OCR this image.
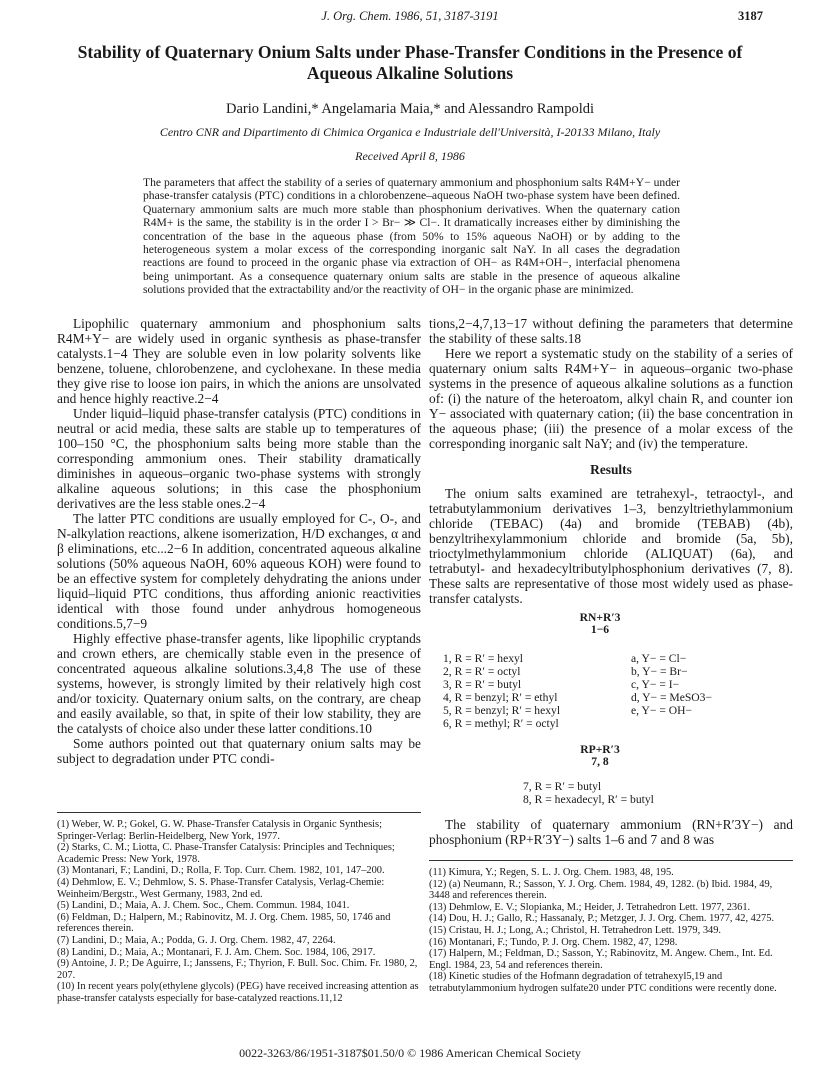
J. Org. Chem. 1986, 51, 3187-3191	3187
Stability of Quaternary Onium Salts under Phase-Transfer Conditions in the Presence of Aqueous Alkaline Solutions
Dario Landini,* Angelamaria Maia,* and Alessandro Rampoldi
Centro CNR and Dipartimento di Chimica Organica e Industriale dell'Università, I-20133 Milano, Italy
Received April 8, 1986

The parameters that affect the stability of a series of quaternary ammonium and phosphonium salts R4M+Y− under phase-transfer catalysis (PTC) conditions in a chlorobenzene–aqueous NaOH two-phase system have been defined. Quaternary ammonium salts are much more stable than phosphonium derivatives. When the quaternary cation R4M+ is the same, the stability is in the order I > Br− ≫ Cl−. It dramatically increases either by diminishing the concentration of the base in the aqueous phase (from 50% to 15% aqueous NaOH) or by adding to the heterogeneous system a molar excess of the corresponding inorganic salt NaY. In all cases the degradation reactions are found to proceed in the organic phase via extraction of OH− as R4M+OH−, interfacial phenomena being unimportant. As a consequence quaternary onium salts are stable in the presence of aqueous alkaline solutions provided that the extractability and/or the reactivity of OH− in the organic phase are minimized.

Lipophilic quaternary ammonium and phosphonium salts R4M+Y− are widely used in organic synthesis as phase-transfer catalysts.1−4 They are soluble even in low polarity solvents like benzene, toluene, chlorobenzene, and cyclohexane. In these media they give rise to loose ion pairs, in which the anions are unsolvated and hence highly reactive.2−4

Under liquid–liquid phase-transfer catalysis (PTC) conditions in neutral or acid media, these salts are stable up to temperatures of 100–150 °C, the phosphonium salts being more stable than the corresponding ammonium ones. Their stability dramatically diminishes in aqueous–organic two-phase systems with strongly alkaline aqueous solutions; in this case the phosphonium derivatives are the less stable ones.2−4

The latter PTC conditions are usually employed for C-, O-, and N-alkylation reactions, alkene isomerization, H/D exchanges, α and β eliminations, etc...2−6 In addition, concentrated aqueous alkaline solutions (50% aqueous NaOH, 60% aqueous KOH) were found to be an effective system for completely dehydrating the anions under liquid–liquid PTC conditions, thus affording anionic reactivities identical with those found under anhydrous homogeneous conditions.5,7−9

Highly effective phase-transfer agents, like lipophilic cryptands and crown ethers, are chemically stable even in the presence of concentrated aqueous alkaline solutions.3,4,8 The use of these systems, however, is strongly limited by their relatively high cost and/or toxicity. Quaternary onium salts, on the contrary, are cheap and easily available, so that, in spite of their low stability, they are the catalysts of choice also under these latter conditions.10

Some authors pointed out that quaternary onium salts may be subject to degradation under PTC condi-

tions,2−4,7,13−17 without defining the parameters that determine the stability of these salts.18

Here we report a systematic study on the stability of a series of quaternary onium salts R4M+Y− in aqueous–organic two-phase systems in the presence of aqueous alkaline solutions as a function of: (i) the nature of the heteroatom, alkyl chain R, and counter ion Y− associated with quaternary cation; (ii) the base concentration in the aqueous phase; (iii) the presence of a molar excess of the corresponding inorganic salt NaY; and (iv) the temperature.

Results

The onium salts examined are tetrahexyl-, tetraoctyl-, and tetrabutylammonium derivatives 1–3, benzyltriethylammonium chloride (TEBAC) (4a) and bromide (TEBAB) (4b), benzyltrihexylammonium chloride and bromide (5a, 5b), trioctylmethylammonium chloride (ALIQUAT) (6a), and tetrabutyl- and hexadecyltributylphosphonium derivatives (7, 8). These salts are representative of those most widely used as phase-transfer catalysts.

RN+R′3
1−6
1, R = R′ = hexyl
2, R = R′ = octyl
3, R = R′ = butyl
4, R = benzyl; R′ = ethyl
5, R = benzyl; R′ = hexyl
6, R = methyl; R′ = octyl
a, Y− = Cl−
b, Y− = Br−
c, Y− = I−
d, Y− = MeSO3−
e, Y− = OH−
RP+R′3
7, 8
7, R = R′ = butyl
8, R = hexadecyl, R′ = butyl

The stability of quaternary ammonium (RN+R′3Y−) and phosphonium (RP+R′3Y−) salts 1–6 and 7 and 8 was

(1) Weber, W. P.; Gokel, G. W. Phase-Transfer Catalysis in Organic Synthesis; Springer-Verlag: Berlin-Heidelberg, New York, 1977.
(2) Starks, C. M.; Liotta, C. Phase-Transfer Catalysis: Principles and Techniques; Academic Press: New York, 1978.
(3) Montanari, F.; Landini, D.; Rolla, F. Top. Curr. Chem. 1982, 101, 147–200.
(4) Dehmlow, E. V.; Dehmlow, S. S. Phase-Transfer Catalysis, Verlag-Chemie: Weinheim/Bergstr., West Germany, 1983, 2nd ed.
(5) Landini, D.; Maia, A. J. Chem. Soc., Chem. Commun. 1984, 1041.
(6) Feldman, D.; Halpern, M.; Rabinovitz, M. J. Org. Chem. 1985, 50, 1746 and references therein.
(7) Landini, D.; Maia, A.; Podda, G. J. Org. Chem. 1982, 47, 2264.
(8) Landini, D.; Maia, A.; Montanari, F. J. Am. Chem. Soc. 1984, 106, 2917.
(9) Antoine, J. P.; De Aguirre, I.; Janssens, F.; Thyrion, F. Bull. Soc. Chim. Fr. 1980, 2, 207.
(10) In recent years poly(ethylene glycols) (PEG) have received increasing attention as phase-transfer catalysts especially for base-catalyzed reactions.11,12
(11) Kimura, Y.; Regen, S. L. J. Org. Chem. 1983, 48, 195.
(12) (a) Neumann, R.; Sasson, Y. J. Org. Chem. 1984, 49, 1282. (b) Ibid. 1984, 49, 3448 and references therein.
(13) Dehmlow, E. V.; Slopianka, M.; Heider, J. Tetrahedron Lett. 1977, 2361.
(14) Dou, H. J.; Gallo, R.; Hassanaly, P.; Metzger, J. J. Org. Chem. 1977, 42, 4275.
(15) Cristau, H. J.; Long, A.; Christol, H. Tetrahedron Lett. 1979, 349.
(16) Montanari, F.; Tundo, P. J. Org. Chem. 1982, 47, 1298.
(17) Halpern, M.; Feldman, D.; Sasson, Y.; Rabinovitz, M. Angew. Chem., Int. Ed. Engl. 1984, 23, 54 and references therein.
(18) Kinetic studies of the Hofmann degradation of tetrahexyl5,19 and tetrabutylammonium hydrogen sulfate20 under PTC conditions were recently done.
0022-3263/86/1951-3187$01.50/0 © 1986 American Chemical Society
